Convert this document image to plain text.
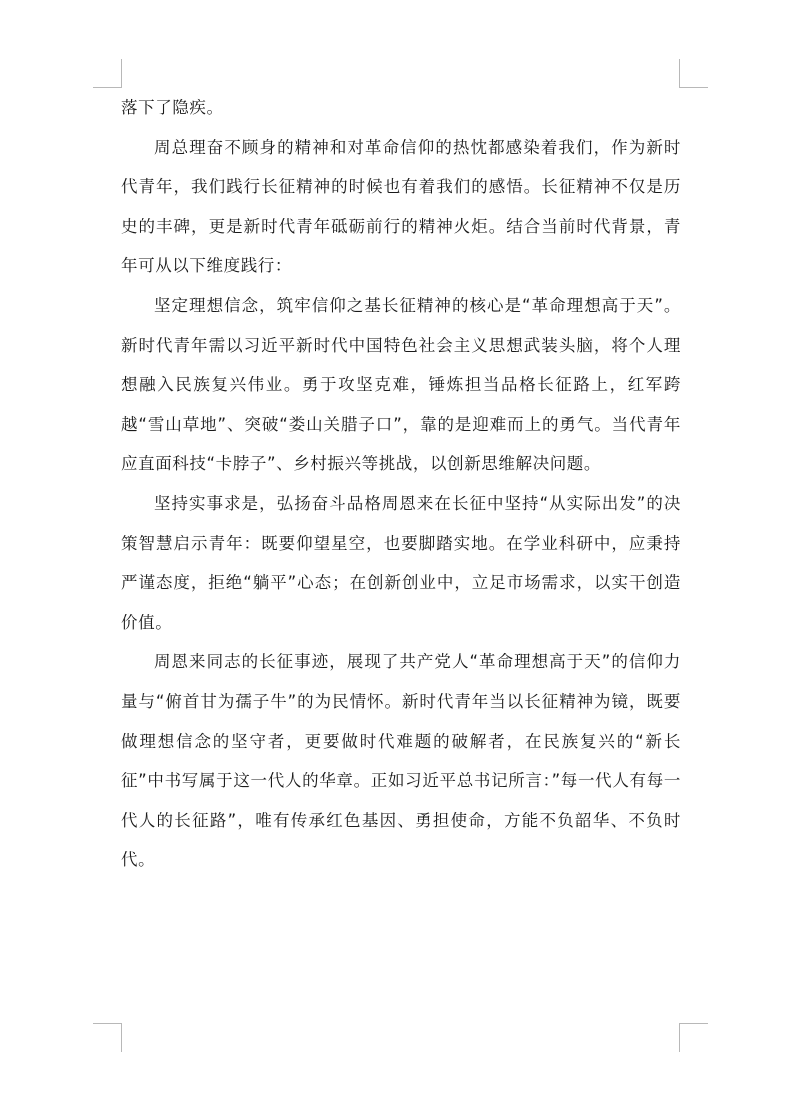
落下了隐疾。

周总理奋不顾身的精神和对革命信仰的热忱都感染着我们，作为新时代青年，我们践行长征精神的时候也有着我们的感悟。长征精神不仅是历史的丰碑，更是新时代青年砥砺前行的精神火炬。结合当前时代背景，青年可从以下维度践行：

坚定理想信念，筑牢信仰之基长征精神的核心是“革命理想高于天”。新时代青年需以习近平新时代中国特色社会主义思想武装头脑，将个人理想融入民族复兴伟业。勇于攻坚克难，锤炼担当品格长征路上，红军跨越“雪山草地”、突破“娄山关腊子口”，靠的是迎难而上的勇气。当代青年应直面科技“卡脖子”、乡村振兴等挑战，以创新思维解决问题。

坚持实事求是，弘扬奋斗品格周恩来在长征中坚持“从实际出发”的决策智慧启示青年：既要仰望星空，也要脚踏实地。在学业科研中，应秉持严谨态度，拒绝“躺平”心态；在创新创业中，立足市场需求，以实干创造价值。

周恩来同志的长征事迹，展现了共产党人“革命理想高于天”的信仰力量与“俯首甘为孺子牛”的为民情怀。新时代青年当以长征精神为镜，既要做理想信念的坚守者，更要做时代难题的破解者，在民族复兴的“新长征”中书写属于这一代人的华章。正如习近平总书记所言：”每一代人有每一代人的长征路”，唯有传承红色基因、勇担使命，方能不负韶华、不负时代。
